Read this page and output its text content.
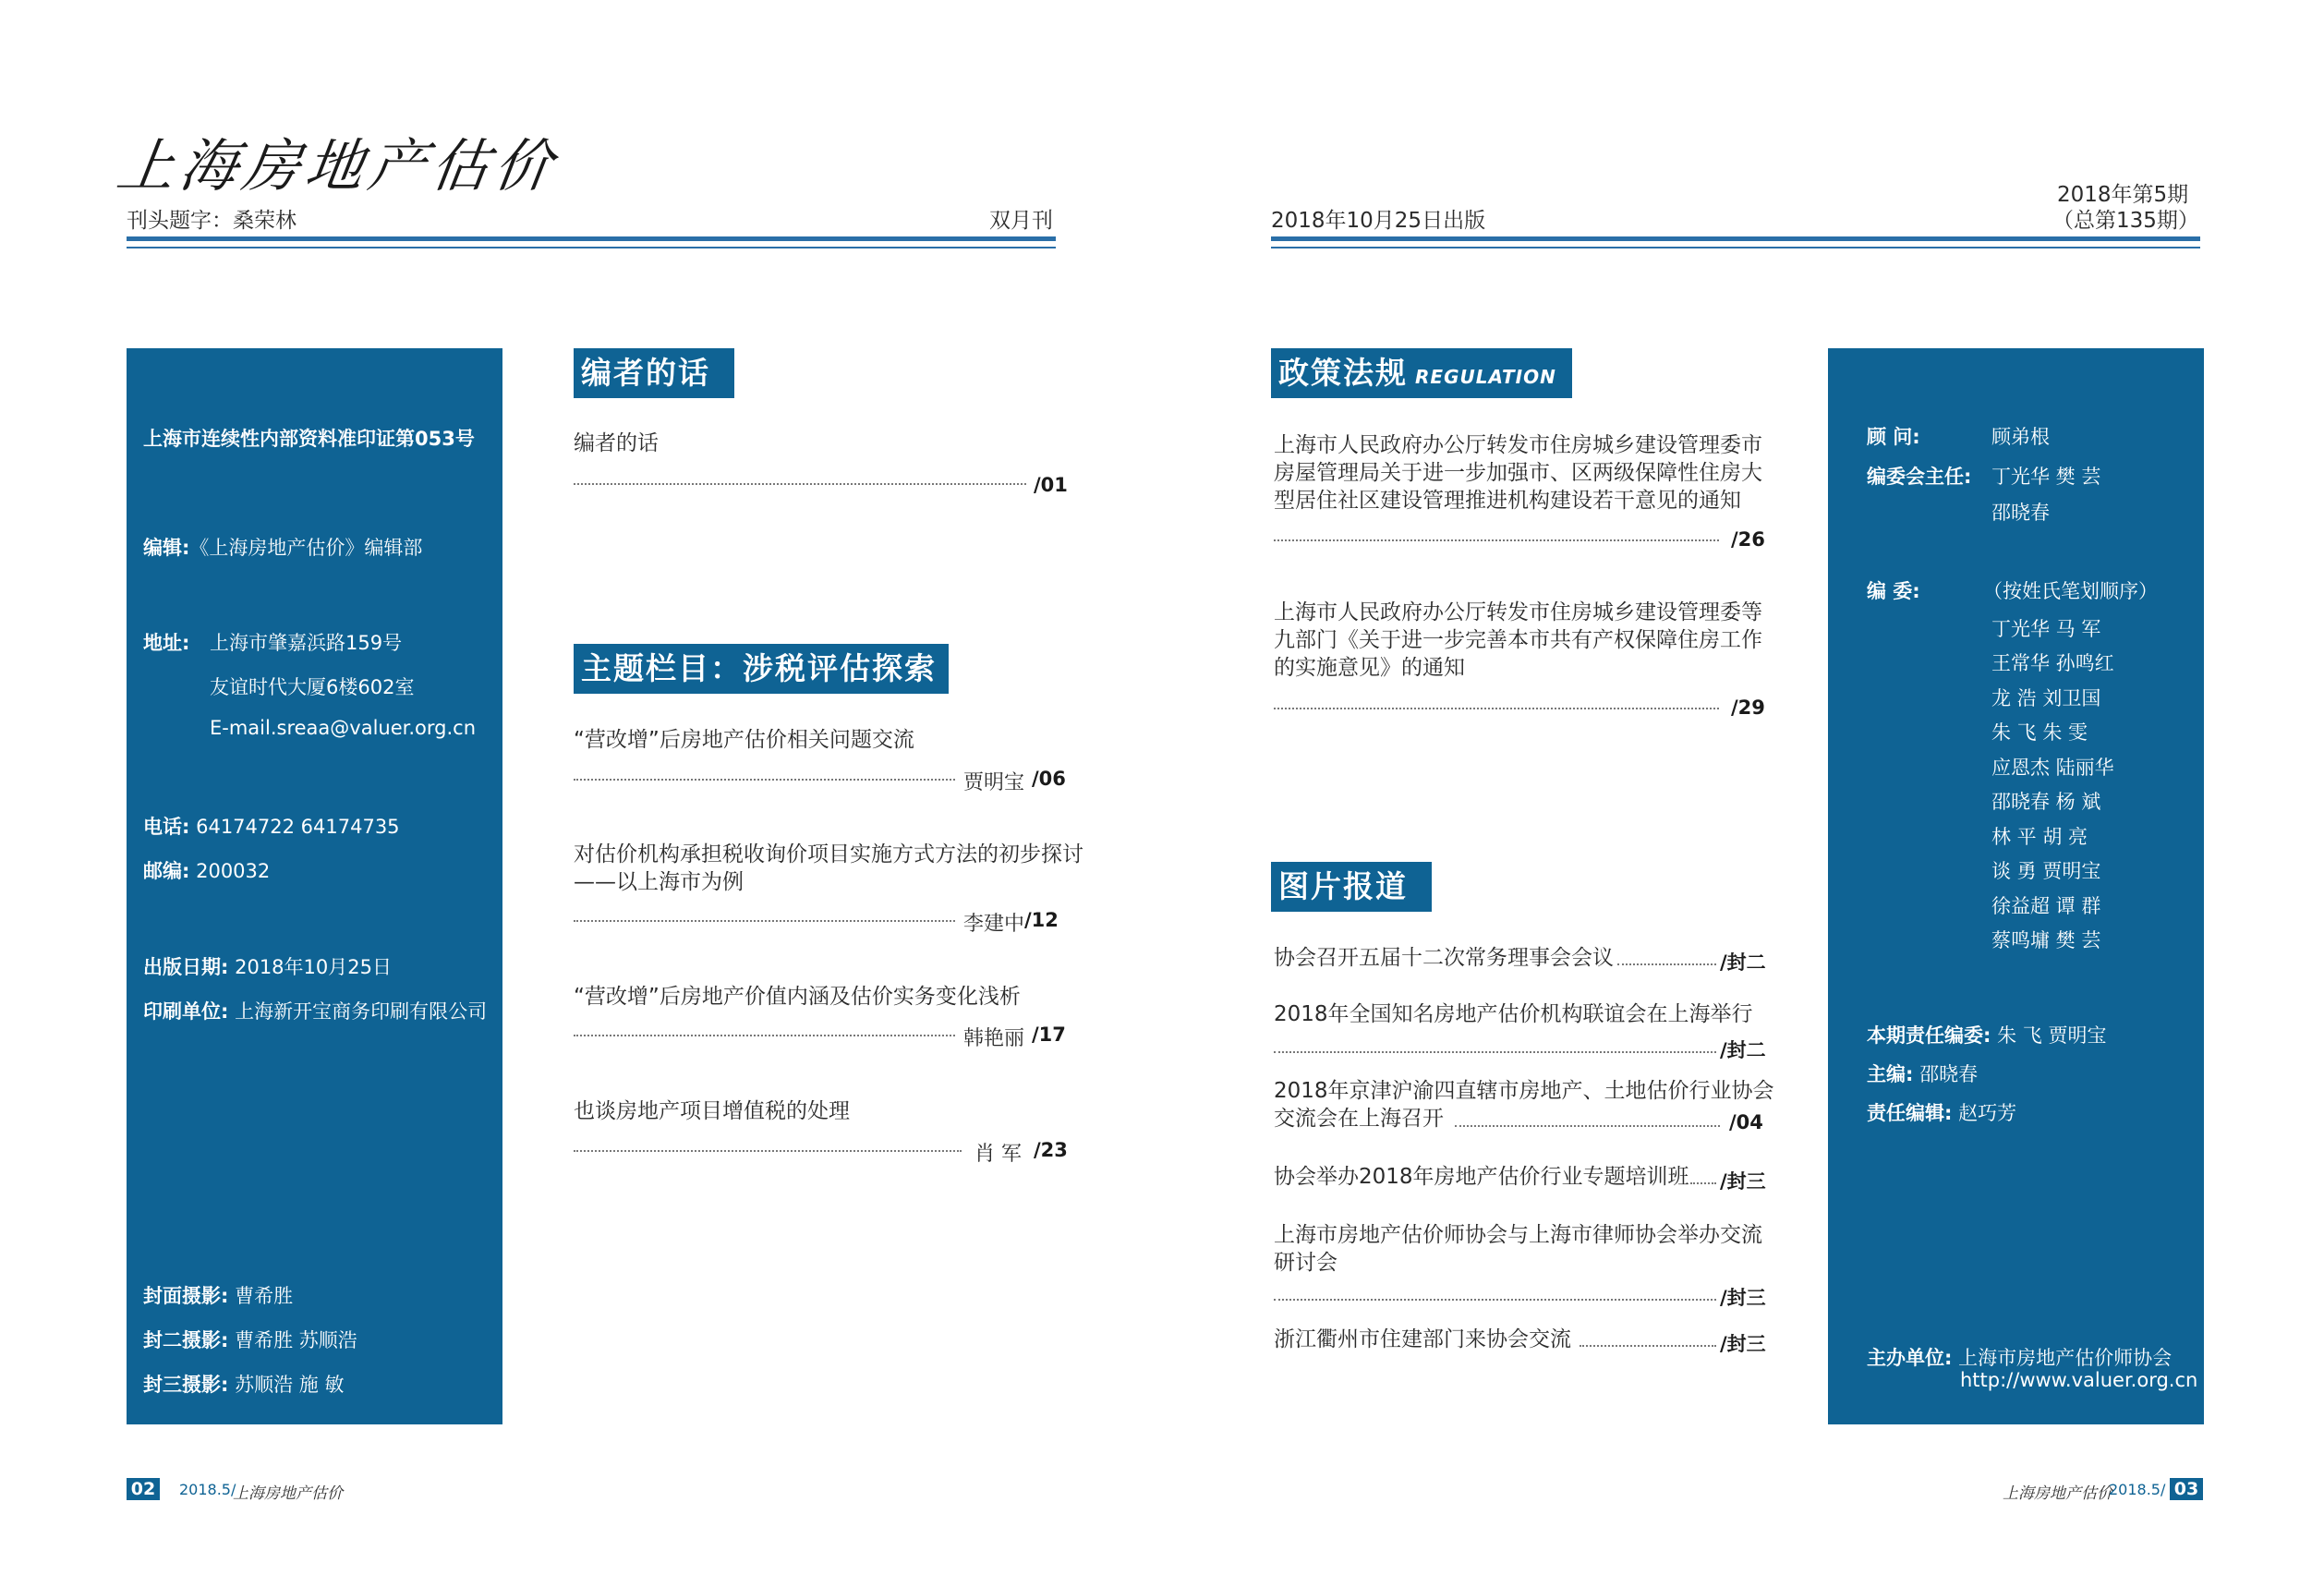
上海房地产估价
刊头题字：桑荣林	双月刊	2018年10月25日出版
2018年第5期
（总第135期）
上海市连续性内部资料准印证第053号
编辑:《上海房地产估价》编辑部
地址: 上海市肇嘉浜路159号
友谊时代大厦6楼602室
E-mail.sreaa@valuer.org.cn
电话: 64174722 64174735
邮编: 200032
出版日期: 2018年10月25日
印刷单位: 上海新开宝商务印刷有限公司
封面摄影: 曹希胜
封二摄影: 曹希胜 苏顺浩
封三摄影: 苏顺浩 施 敏
编者的话
编者的话
/01
主题栏目：涉税评估探索
“营改增”后房地产估价相关问题交流
贾明宝 /06
对估价机构承担税收询价项目实施方式方法的初步探讨
——以上海市为例
李建中 /12
“营改增”后房地产价值内涵及估价实务变化浅析
韩艳丽 /17
也谈房地产项目增值税的处理
肖 军 /23
政策法规 REGULATION
上海市人民政府办公厅转发市住房城乡建设管理委市
房屋管理局关于进一步加强市、区两级保障性住房大
型居住社区建设管理推进机构建设若干意见的通知
/26
上海市人民政府办公厅转发市住房城乡建设管理委等
九部门《关于进一步完善本市共有产权保障住房工作
的实施意见》的通知
/29
图片报道
协会召开五届十二次常务理事会会议	/封二
2018年全国知名房地产估价机构联谊会在上海举行
/封二
2018年京津沪渝四直辖市房地产、土地估价行业协会
交流会在上海召开	/04
协会举办2018年房地产估价行业专题培训班 /封三
上海市房地产估价师协会与上海市律师协会举办交流
研讨会
/封三
浙江衢州市住建部门来协会交流	/封三
顾 问:	顾弟根
编委会主任: 丁光华 樊 芸
邵晓春
编 委:	（按姓氏笔划顺序）
丁光华 马 军
王常华 孙鸣红
龙 浩 刘卫国
朱 飞 朱 雯
应恩杰 陆丽华
邵晓春 杨 斌
林 平 胡 亮
谈 勇 贾明宝
徐益超 谭 群
蔡鸣墉 樊 芸
本期责任编委: 朱 飞 贾明宝
主编: 邵晓春
责任编辑: 赵巧芳
主办单位: 上海市房地产估价师协会
http://www.valuer.org.cn
02 2018.5/
上海房地产估价	上海房地产估价
2018.5/ 03
